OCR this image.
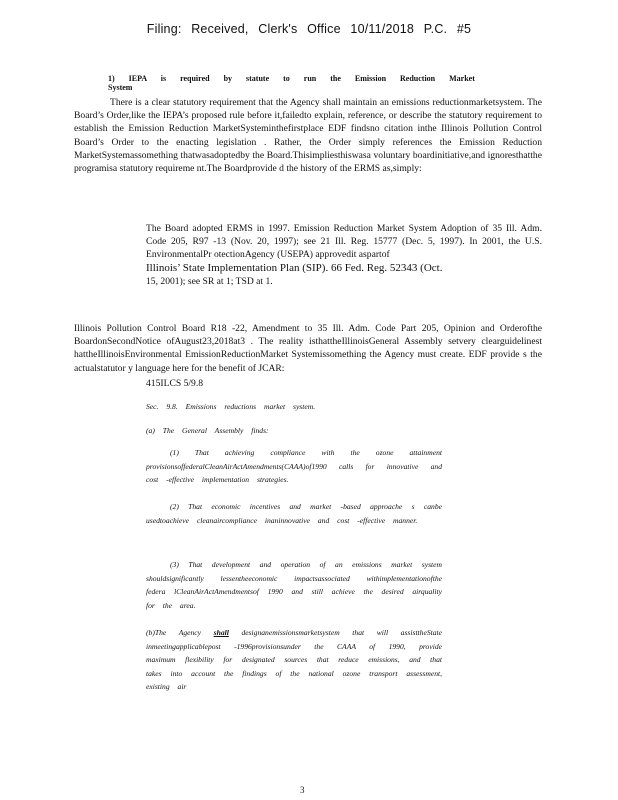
Filing: Received, Clerk's Office 10/11/2018 P.C. #5
1) IEPA is required by statute to run the Emission Reduction Market System

There is a clear statutory requirement that the Agency shall maintain an emissions reductionmarketsystem. The Board’s Order,like the IEPA’s proposed rule before it,failedto explain, reference, or describe the statutory requirement to establish the Emission Reduction MarketSysteminthefirstplace EDF findsno citation inthe Illinois Pollution Control Board’s Order to the enacting legislation . Rather, the Order simply references the Emission Reduction MarketSystemassomething thatwasadoptedby the Board.Thisimpliesthiswasa voluntary boardinitiative,and ignoresthatthe programisa statutory requireme nt.The Boardprovide d the history of the ERMS as,simply:

The Board adopted ERMS in 1997. Emission Reduction Market System Adoption of 35 Ill. Adm. Code 205, R97 -13 (Nov. 20, 1997); see 21 Ill. Reg. 15777 (Dec. 5, 1997). In 2001, the U.S. EnvironmentalPr otectionAgency (USEPA) approvedit aspartof

Illinois’ State Implementation Plan (SIP). 66 Fed. Reg. 52343 (Oct.

15, 2001); see SR at 1; TSD at 1.

Illinois Pollution Control Board R18 -22, Amendment to 35 Ill. Adm. Code Part 205, Opinion and Orderofthe BoardonSecondNotice ofAugust23,2018at3 . The reality isthattheIllinoisGeneral Assembly setvery clearguidelinest hattheIllinoisEnvironmental EmissionReductionMarket Systemissomething the Agency must create. EDF provide s the actualstatutor y language here for the benefit of JCAR:

415ILCS 5/9.8
Sec. 9.8. Emissions reductions market system.
(a) The General Assembly finds:

(1) That achieving compliance with the ozone attainment provisionsoffederalCleanAirActAmendments(CAAA)of1990 calls for innovative and cost -effective implementation strategies.

(2) That economic incentives and market -based approache s canbe usedtoachieve cleanaircompliance inaninnovative and cost -effective manner.

(3) That development and operation of an emissions market system shouldsignificantly lessentheeconomic impactsassociated withimplementationofthe federa lCleanAirActAmendmentsof 1990 and still achieve the desired airquality for the area.

(b)The Agency shall designanemissionsmarketsystem that will assisttheState inmeetingapplicablepost -1996provisionsunder the CAAA of 1990, provide maximum flexibility for designated sources that reduce emissions, and that takes into account the findings of the national ozone transport assessment, existing air

3
